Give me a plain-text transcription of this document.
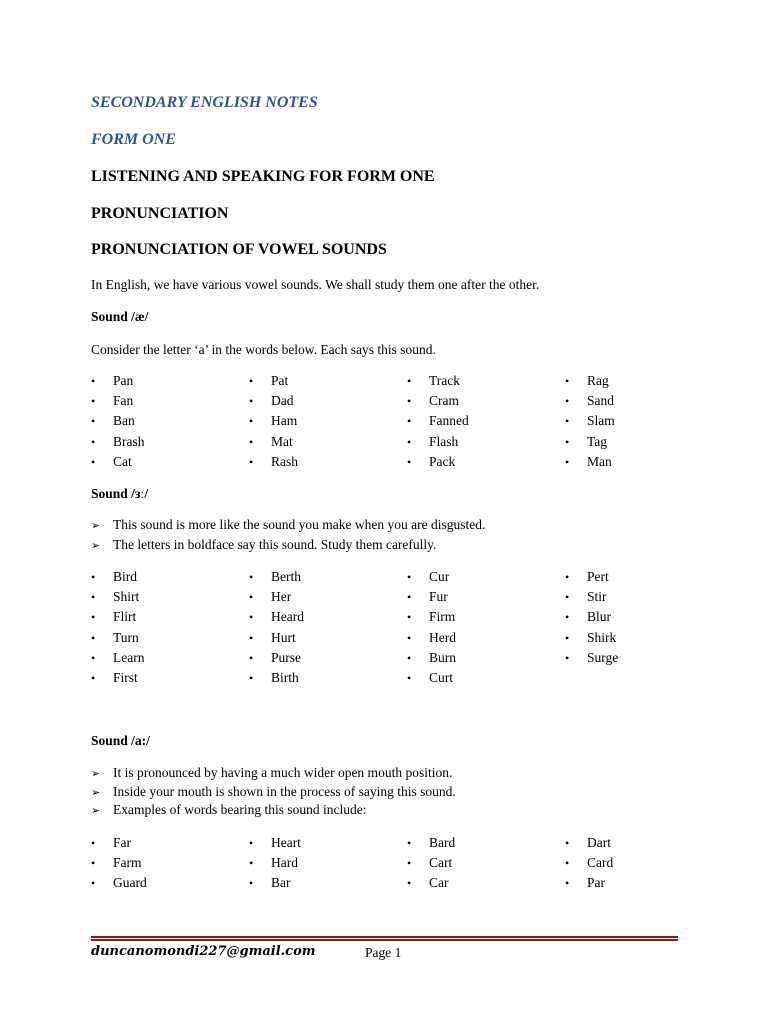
SECONDARY ENGLISH NOTES
FORM ONE
LISTENING AND SPEAKING FOR FORM ONE
PRONUNCIATION
PRONUNCIATION OF VOWEL SOUNDS
In English, we have various vowel sounds. We shall study them one after the other.
Sound /æ/
Consider the letter ‘a’ in the words below. Each says this sound.
• Pan
• Fan
• Ban
• Brash
• Cat
• Pat
• Dad
• Ham
• Mat
• Rash
• Track
• Cram
• Fanned
• Flash
• Pack
• Rag
• Sand
• Slam
• Tag
• Man
Sound /ɜː/
➢ This sound is more like the sound you make when you are disgusted.
➢ The letters in boldface say this sound. Study them carefully.
• Bird
• Shirt
• Flirt
• Turn
• Learn
• First
• Berth
• Her
• Heard
• Hurt
• Purse
• Birth
• Cur
• Fur
• Firm
• Herd
• Burn
• Curt
• Pert
• Stir
• Blur
• Shirk
• Surge
Sound /a:/
➢ It is pronounced by having a much wider open mouth position.
➢ Inside your mouth is shown in the process of saying this sound.
➢ Examples of words bearing this sound include:
• Far
• Farm
• Guard
• Heart
• Hard
• Bar
• Bard
• Cart
• Car
• Dart
• Card
• Par
duncanomondi227@gmail.com	Page 1
